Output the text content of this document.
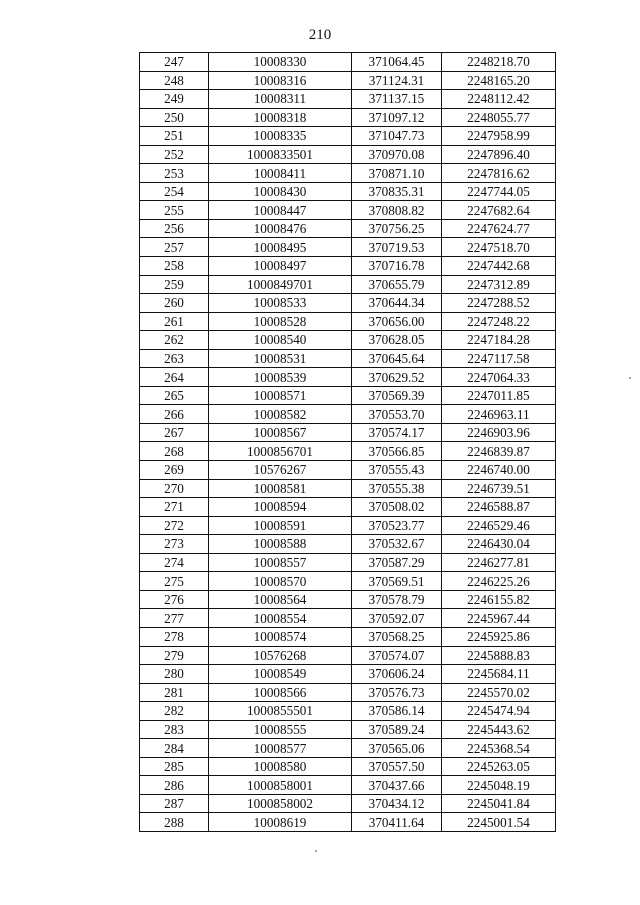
210
247	10008330	371064.45	2248218.70
248	10008316	371124.31	2248165.20
249	10008311	371137.15	2248112.42
250	10008318	371097.12	2248055.77
251	10008335	371047.73	2247958.99
252	1000833501	370970.08	2247896.40
253	10008411	370871.10	2247816.62
254	10008430	370835.31	2247744.05
255	10008447	370808.82	2247682.64
256	10008476	370756.25	2247624.77
257	10008495	370719.53	2247518.70
258	10008497	370716.78	2247442.68
259	1000849701	370655.79	2247312.89
260	10008533	370644.34	2247288.52
261	10008528	370656.00	2247248.22
262	10008540	370628.05	2247184.28
263	10008531	370645.64	2247117.58
264	10008539	370629.52	2247064.33
265	10008571	370569.39	2247011.85
266	10008582	370553.70	2246963.11
267	10008567	370574.17	2246903.96
268	1000856701	370566.85	2246839.87
269	10576267	370555.43	2246740.00
270	10008581	370555.38	2246739.51
271	10008594	370508.02	2246588.87
272	10008591	370523.77	2246529.46
273	10008588	370532.67	2246430.04
274	10008557	370587.29	2246277.81
275	10008570	370569.51	2246225.26
276	10008564	370578.79	2246155.82
277	10008554	370592.07	2245967.44
278	10008574	370568.25	2245925.86
279	10576268	370574.07	2245888.83
280	10008549	370606.24	2245684.11
281	10008566	370576.73	2245570.02
282	1000855501	370586.14	2245474.94
283	10008555	370589.24	2245443.62
284	10008577	370565.06	2245368.54
285	10008580	370557.50	2245263.05
286	1000858001	370437.66	2245048.19
287	1000858002	370434.12	2245041.84
288	10008619	370411.64	2245001.54
